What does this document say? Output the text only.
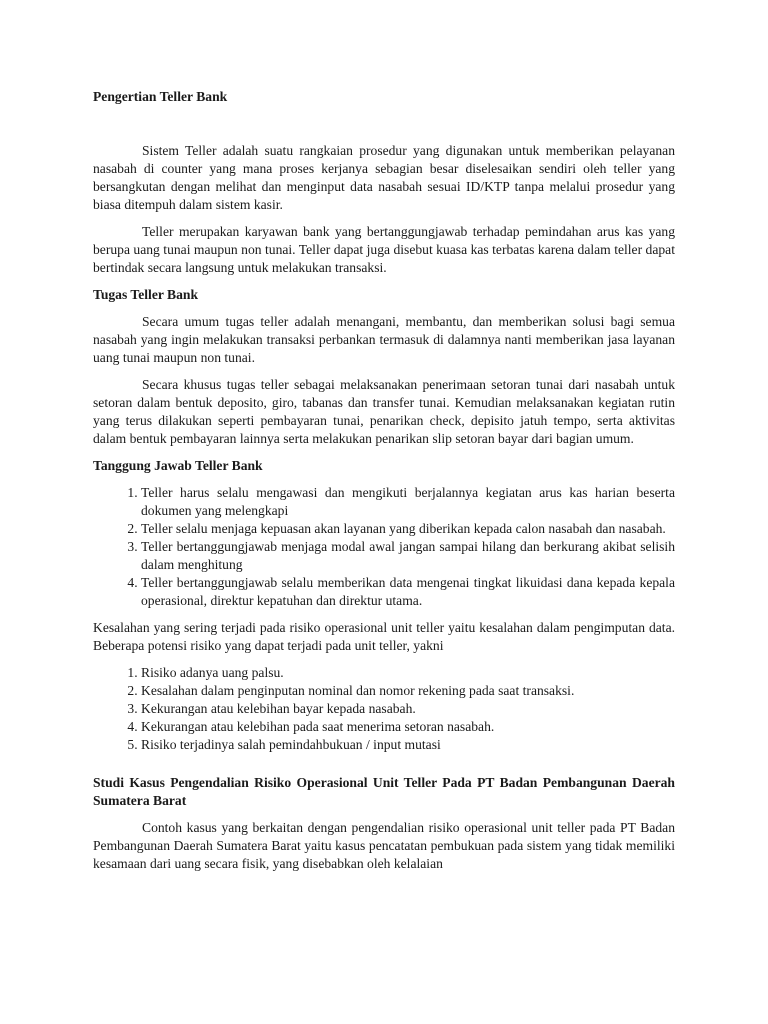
Pengertian Teller Bank

Sistem Teller adalah suatu rangkaian prosedur yang digunakan untuk memberikan pelayanan nasabah di counter yang mana proses kerjanya sebagian besar diselesaikan sendiri oleh teller yang bersangkutan dengan melihat dan menginput data nasabah sesuai ID/KTP tanpa melalui prosedur yang biasa ditempuh dalam sistem kasir.

Teller merupakan karyawan bank yang bertanggungjawab terhadap pemindahan arus kas yang berupa uang tunai maupun non tunai. Teller dapat juga disebut kuasa kas terbatas karena dalam teller dapat bertindak secara langsung untuk melakukan transaksi.

Tugas Teller Bank

Secara umum tugas teller adalah menangani, membantu, dan memberikan solusi bagi semua nasabah yang ingin melakukan transaksi perbankan termasuk di dalamnya nanti memberikan jasa layanan uang tunai maupun non tunai.

Secara khusus tugas teller sebagai melaksanakan penerimaan setoran tunai dari nasabah untuk setoran dalam bentuk deposito, giro, tabanas dan transfer tunai. Kemudian melaksanakan kegiatan rutin yang terus dilakukan seperti pembayaran tunai, penarikan check, depisito jatuh tempo, serta aktivitas dalam bentuk pembayaran lainnya serta melakukan penarikan slip setoran bayar dari bagian umum.

Tanggung Jawab Teller Bank

1. Teller harus selalu mengawasi dan mengikuti berjalannya kegiatan arus kas harian beserta dokumen yang melengkapi
2. Teller selalu menjaga kepuasan akan layanan yang diberikan kepada calon nasabah dan nasabah.
3. Teller bertanggungjawab menjaga modal awal jangan sampai hilang dan berkurang akibat selisih dalam menghitung
4. Teller bertanggungjawab selalu memberikan data mengenai tingkat likuidasi dana kepada kepala operasional, direktur kepatuhan dan direktur utama.

Kesalahan yang sering terjadi pada risiko operasional unit teller yaitu kesalahan dalam pengimputan data. Beberapa potensi risiko yang dapat terjadi pada unit teller, yakni

1. Risiko adanya uang palsu.
2. Kesalahan dalam penginputan nominal dan nomor rekening pada saat transaksi.
3. Kekurangan atau kelebihan bayar kepada nasabah.
4. Kekurangan atau kelebihan pada saat menerima setoran nasabah.
5. Risiko terjadinya salah pemindahbukuan / input mutasi

Studi Kasus Pengendalian Risiko Operasional Unit Teller Pada PT Badan Pembangunan Daerah Sumatera Barat

Contoh kasus yang berkaitan dengan pengendalian risiko operasional unit teller pada PT Badan Pembangunan Daerah Sumatera Barat yaitu kasus pencatatan pembukuan pada sistem yang tidak memiliki kesamaan dari uang secara fisik, yang disebabkan oleh kelalaian
